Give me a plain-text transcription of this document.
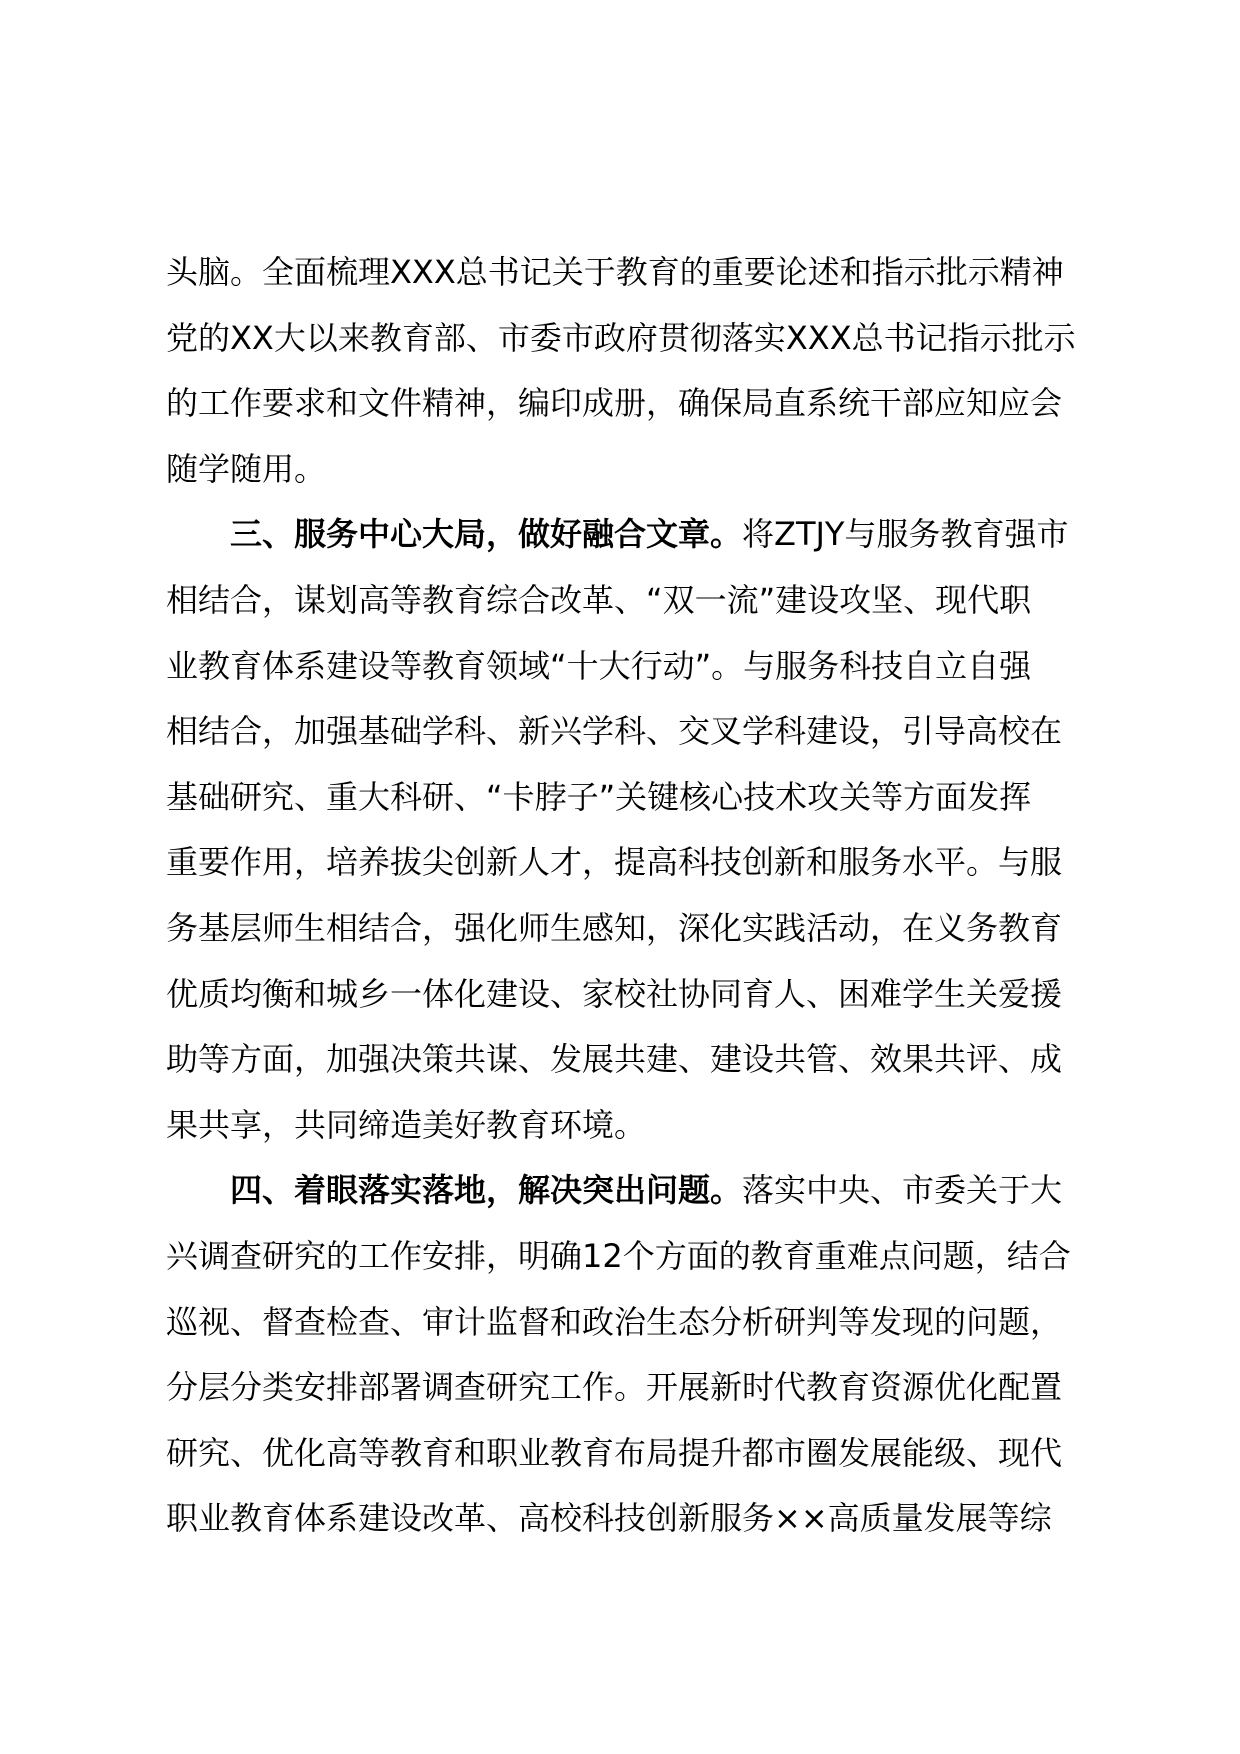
头脑。全面梳理XXX总书记关于教育的重要论述和指示批示精神
党的XX大以来教育部、市委市政府贯彻落实XXX总书记指示批示
的工作要求和文件精神，编印成册，确保局直系统干部应知应会
随学随用。
三、服务中心大局，做好融合文章。将ZTJY与服务教育强市
相结合，谋划高等教育综合改革、“双一流”建设攻坚、现代职
业教育体系建设等教育领域“十大行动”。与服务科技自立自强
相结合，加强基础学科、新兴学科、交叉学科建设，引导高校在
基础研究、重大科研、“卡脖子”关键核心技术攻关等方面发挥
重要作用，培养拔尖创新人才，提高科技创新和服务水平。与服
务基层师生相结合，强化师生感知，深化实践活动，在义务教育
优质均衡和城乡一体化建设、家校社协同育人、困难学生关爱援
助等方面，加强决策共谋、发展共建、建设共管、效果共评、成
果共享，共同缔造美好教育环境。
四、着眼落实落地，解决突出问题。落实中央、市委关于大
兴调查研究的工作安排，明确12个方面的教育重难点问题，结合
巡视、督查检查、审计监督和政治生态分析研判等发现的问题，
分层分类安排部署调查研究工作。开展新时代教育资源优化配置
研究、优化高等教育和职业教育布局提升都市圈发展能级、现代
职业教育体系建设改革、高校科技创新服务××高质量发展等综
